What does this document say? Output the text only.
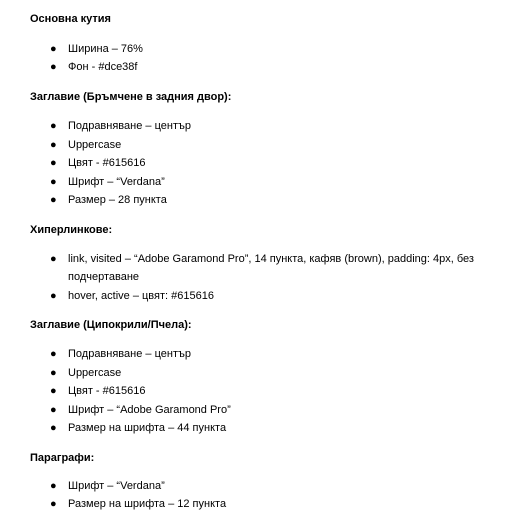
Основна кутия
●	Ширина – 76%
●	Фон - #dce38f
Заглавие (Бръмчене в задния двор):
●	Подравняване – център
●	Uppercase
●	Цвят - #615616
●	Шрифт – “Verdana”
●	Размер – 28 пункта
Хиперлинкове:
●	link, visited – “Adobe Garamond Pro”, 14 пункта, кафяв (brown), padding: 4px, без подчертаване
●	hover, active – цвят: #615616
Заглавие (Ципокрили/Пчела):
●	Подравняване – център
●	Uppercase
●	Цвят - #615616
●	Шрифт – “Adobe Garamond Pro”
●	Размер на шрифта – 44 пункта
Параграфи:
●	Шрифт – “Verdana”
●	Размер на шрифта – 12 пункта
